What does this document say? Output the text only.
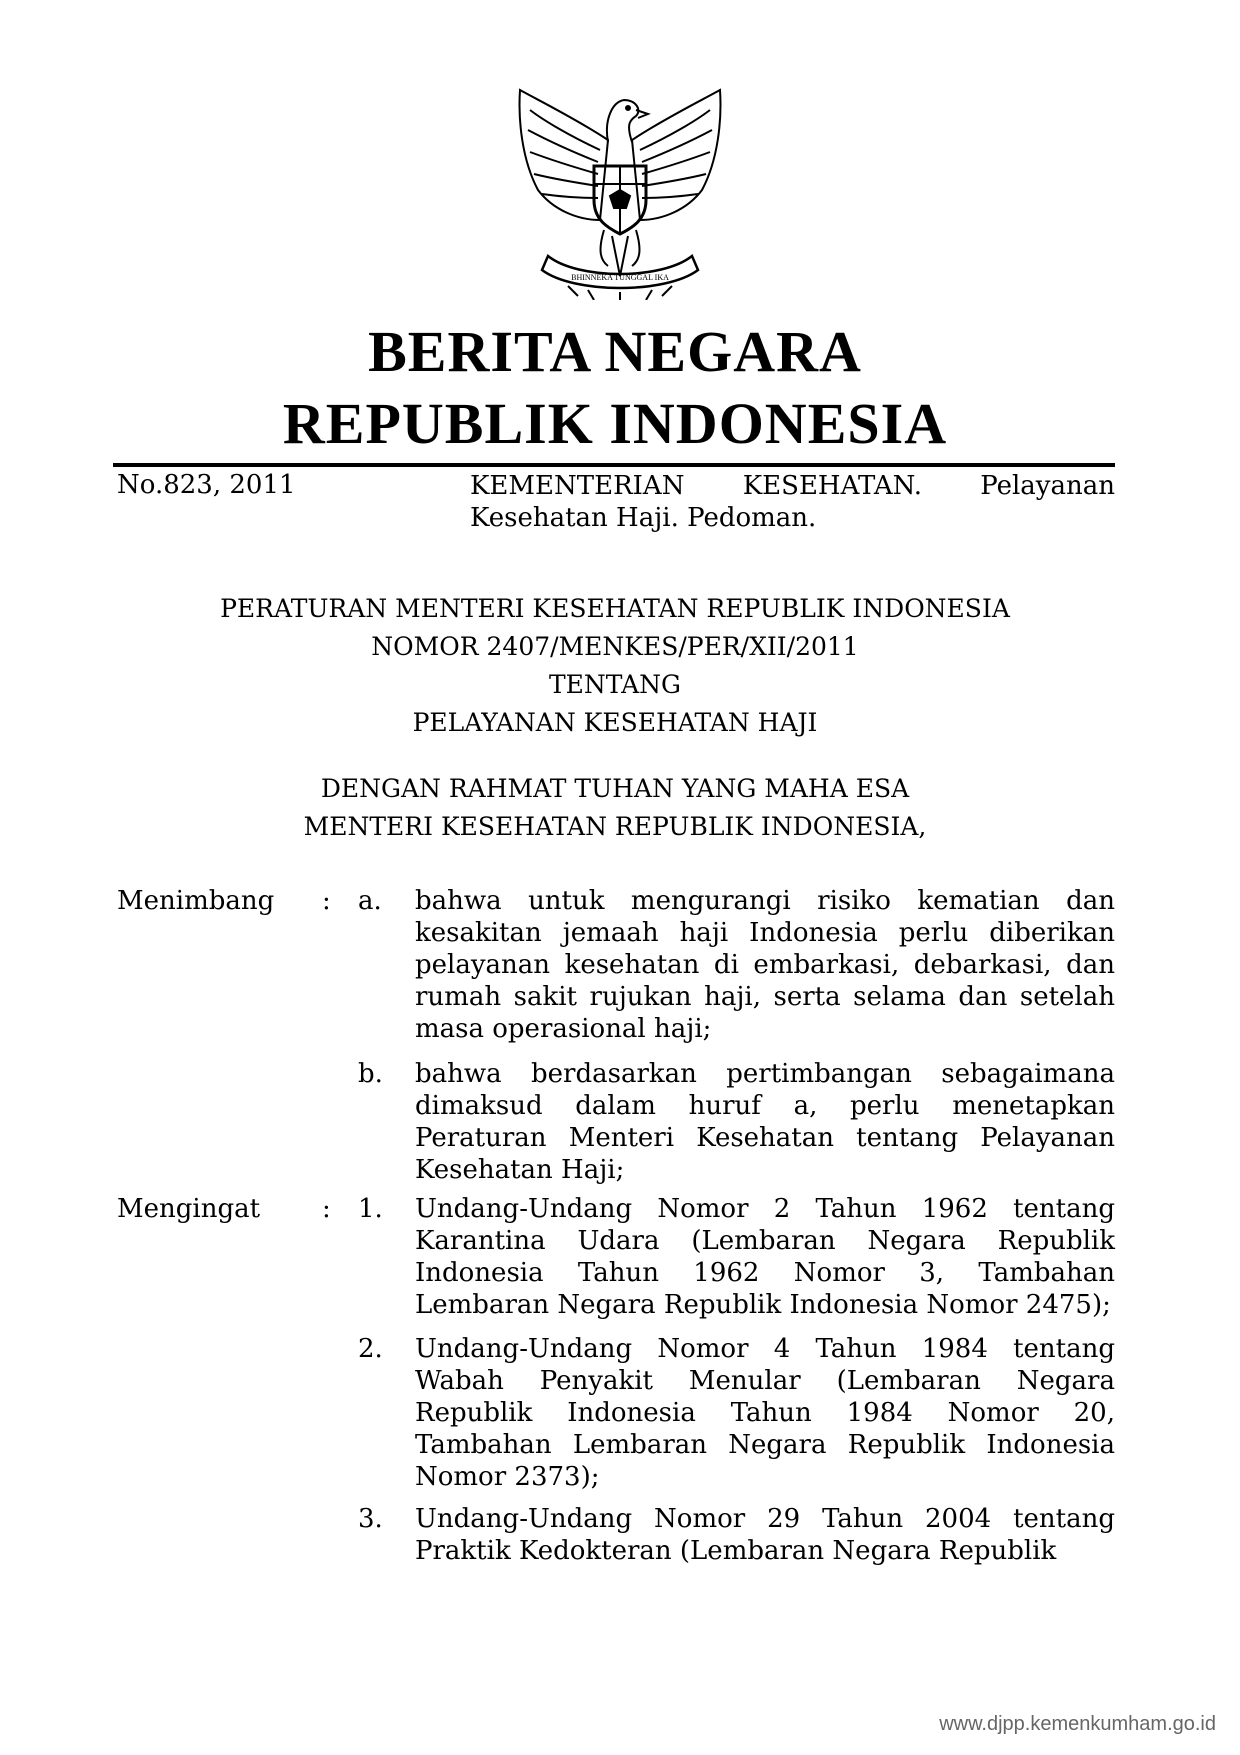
BHINNEKA TUNGGAL IKA
BERITA NEGARA
REPUBLIK INDONESIA
No.823, 2011	KEMENTERIAN KESEHATAN. Pelayanan Kesehatan Haji. Pedoman.
PERATURAN MENTERI KESEHATAN REPUBLIK INDONESIA
NOMOR 2407/MENKES/PER/XII/2011
TENTANG
PELAYANAN KESEHATAN HAJI
DENGAN RAHMAT TUHAN YANG MAHA ESA
MENTERI KESEHATAN REPUBLIK INDONESIA,
Menimbang : a. bahwa untuk mengurangi risiko kematian dan kesakitan jemaah haji Indonesia perlu diberikan pelayanan kesehatan di embarkasi, debarkasi, dan rumah sakit rujukan haji, serta selama dan setelah masa operasional haji;
b. bahwa berdasarkan pertimbangan sebagaimana dimaksud dalam huruf a, perlu menetapkan Peraturan Menteri Kesehatan tentang Pelayanan Kesehatan Haji;
Mengingat : 1. Undang-Undang Nomor 2 Tahun 1962 tentang Karantina Udara (Lembaran Negara Republik Indonesia Tahun 1962 Nomor 3, Tambahan Lembaran Negara Republik Indonesia Nomor 2475);
2. Undang-Undang Nomor 4 Tahun 1984 tentang Wabah Penyakit Menular (Lembaran Negara Republik Indonesia Tahun 1984 Nomor 20, Tambahan Lembaran Negara Republik Indonesia Nomor 2373);
3. Undang-Undang Nomor 29 Tahun 2004 tentang Praktik Kedokteran (Lembaran Negara Republik
www.djpp.kemenkumham.go.id
